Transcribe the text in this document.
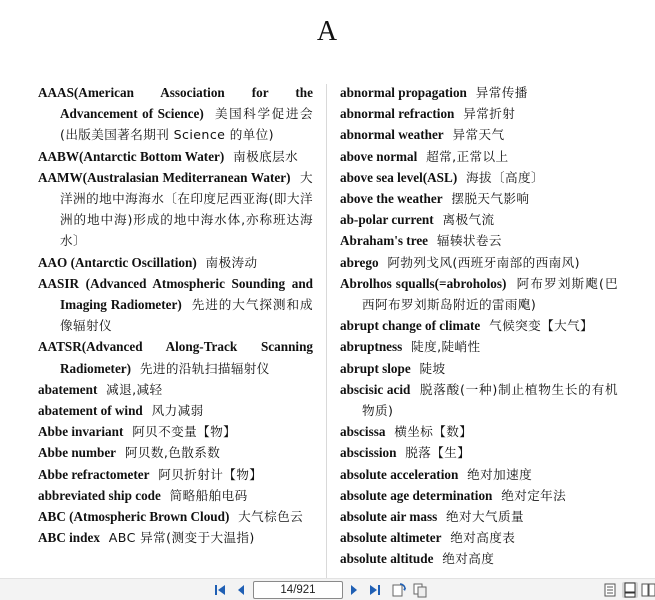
A

AAAS(American Association for the Advancement of Science) 美国科学促进会(出版美国著名期刊 Science 的单位)

AABW(Antarctic Bottom Water) 南极底层水

AAMW(Australasian Mediterranean Water) 大洋洲的地中海海水〔在印度尼西亚海(即大洋洲的地中海)形成的地中海水体,亦称班达海水〕

AAO (Antarctic Oscillation) 南极涛动

AASIR (Advanced Atmospheric Sounding and Imaging Radiometer) 先进的大气探测和成像辐射仪

AATSR(Advanced Along-Track Scanning Radiometer) 先进的沿轨扫描辐射仪

abatement 减退,减轻

abatement of wind 风力减弱

Abbe invariant 阿贝不变量【物】

Abbe number 阿贝数,色散系数

Abbe refractometer 阿贝折射计【物】

abbreviated ship code 简略船舶电码

ABC (Atmospheric Brown Cloud) 大气棕色云

ABC index ABC 异常(测变于大温指)

abnormal propagation 异常传播

abnormal refraction 异常折射

abnormal weather 异常天气

above normal 超常,正常以上

above sea level(ASL) 海拔〔高度〕

above the weather 摆脱天气影响

ab-polar current 离极气流

Abraham's tree 辐辏状卷云

abrego 阿勃列戈风(西班牙南部的西南风)

Abrolhos squalls(=abroholos) 阿布罗刘斯飑(巴西阿布罗刘斯岛附近的雷雨飑)

abrupt change of climate 气候突变【大气】

abruptness 陡度,陡峭性

abrupt slope 陡坡

abscisic acid 脱落酸(一种)制止植物生长的有机物质)

abscissa 横坐标【数】

abscission 脱落【生】

absolute acceleration 绝对加速度

absolute age determination 绝对定年法

absolute air mass 绝对大气质量

absolute altimeter 绝对高度表

absolute altitude 绝对高度

14/921
